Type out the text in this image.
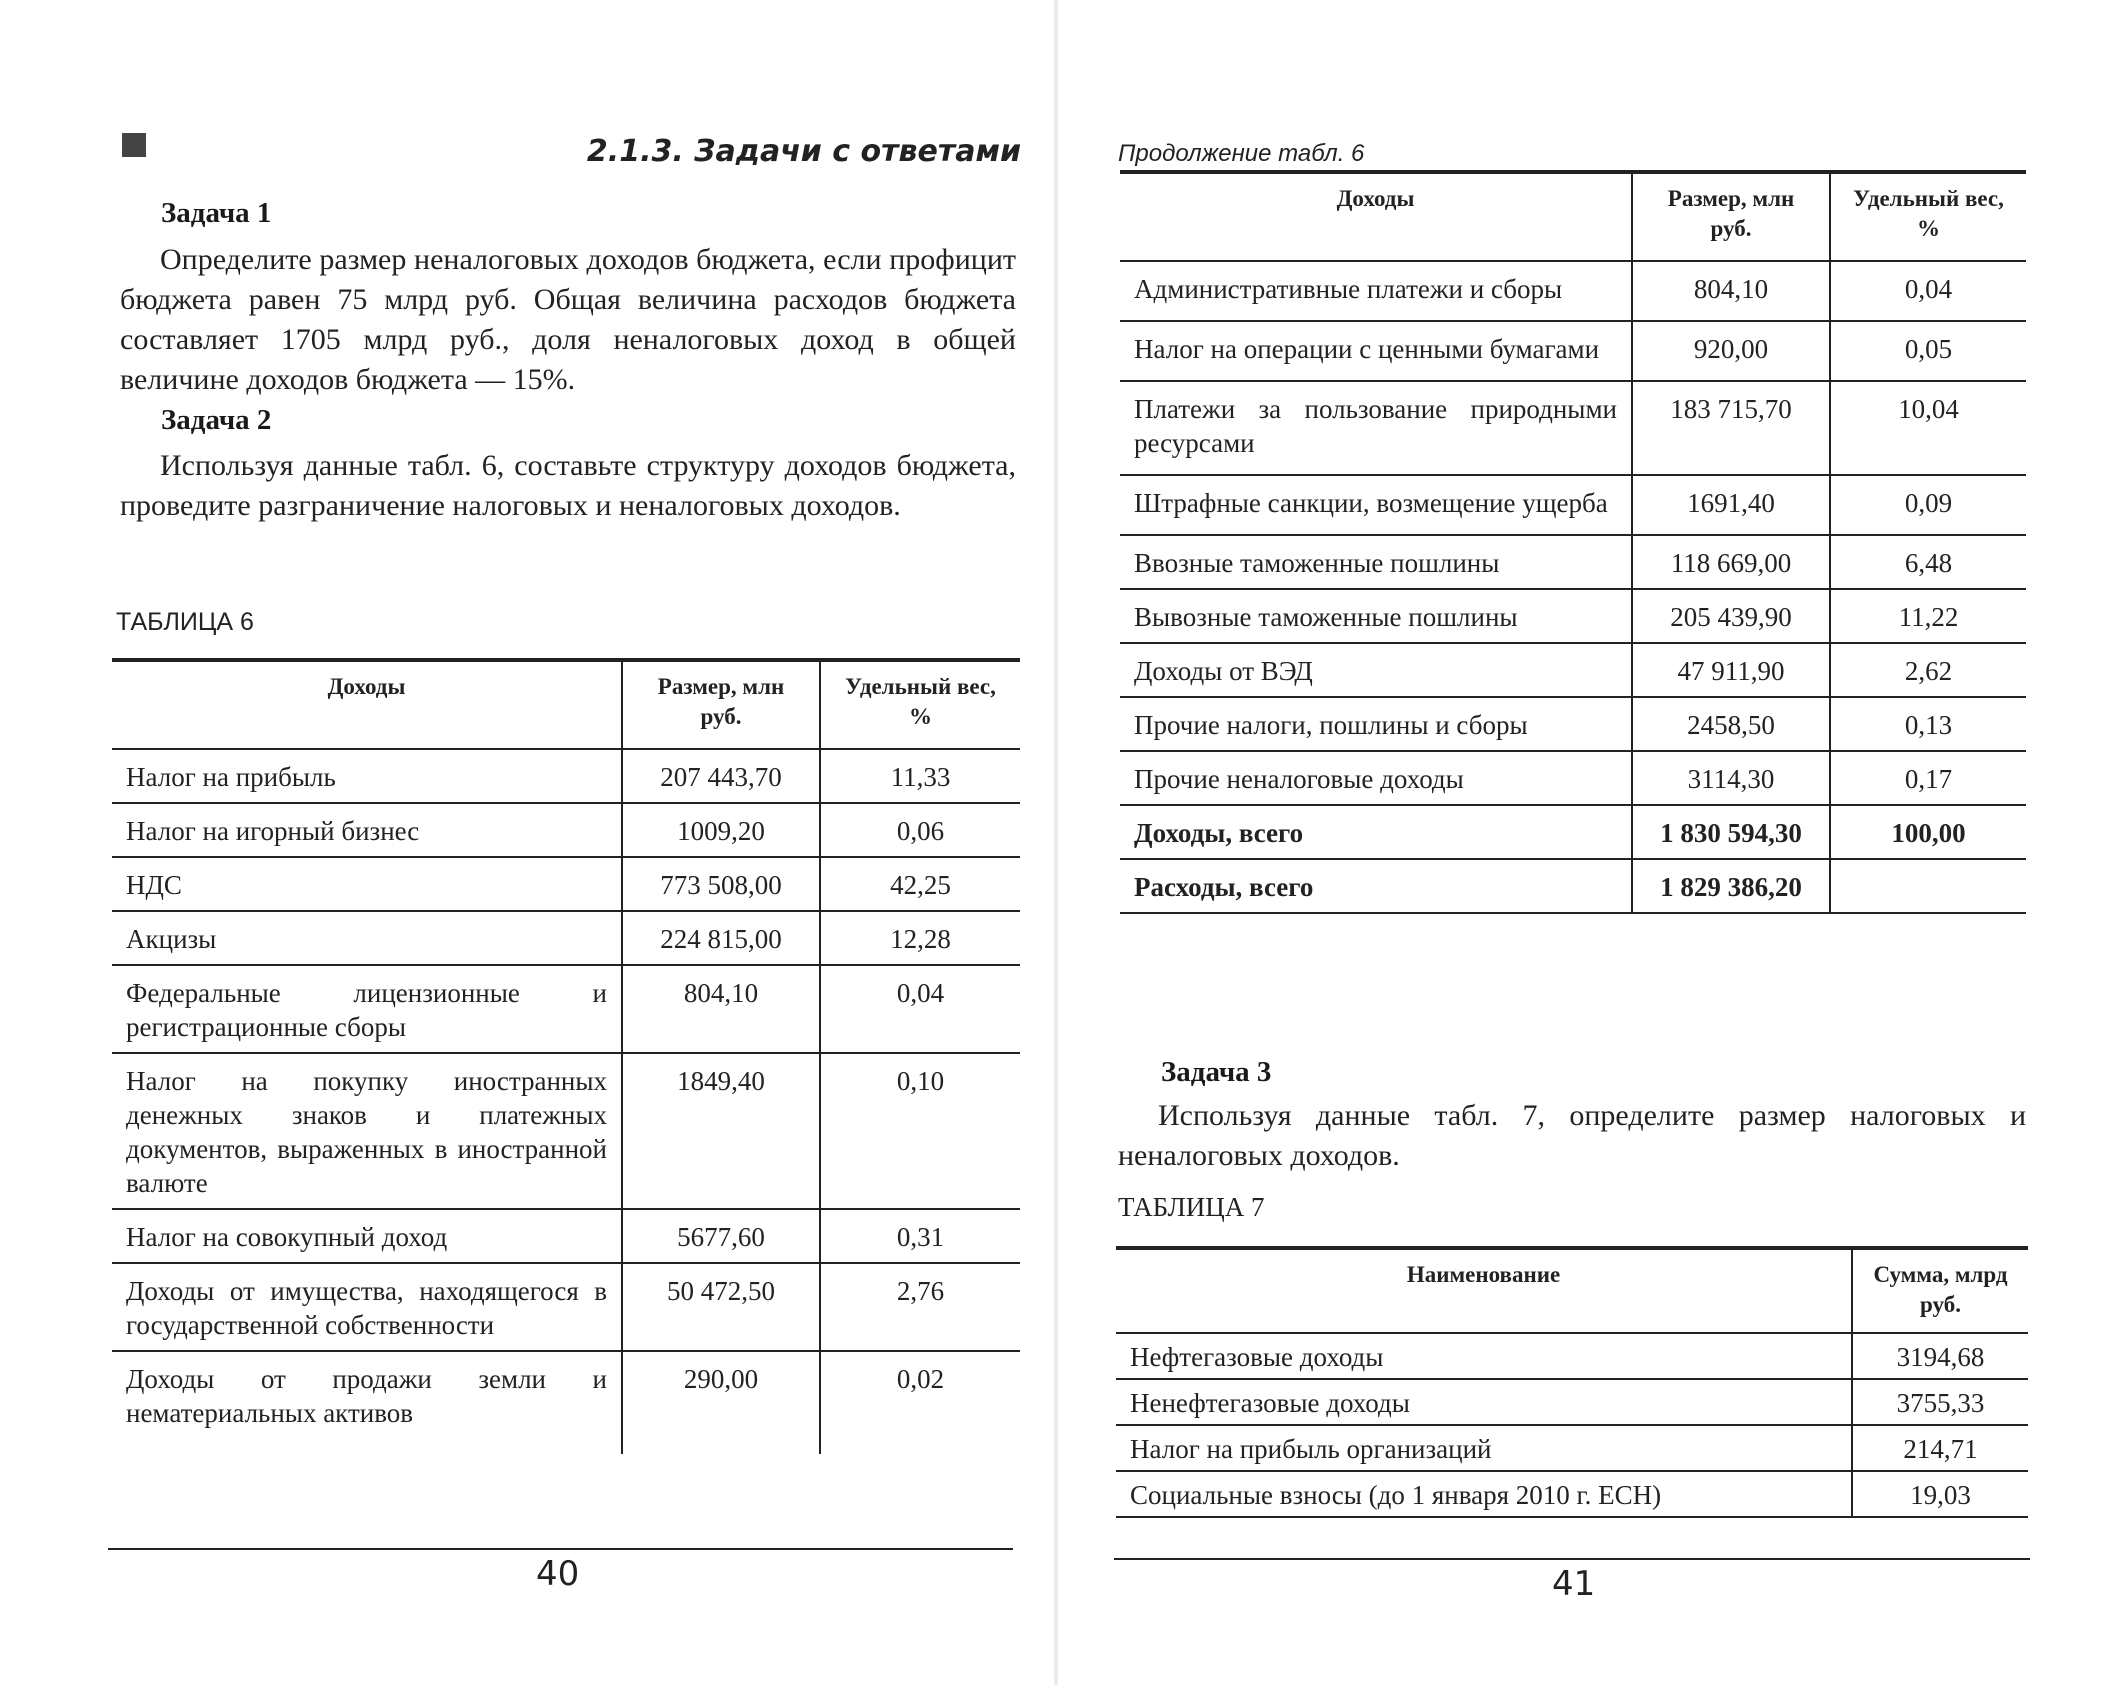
2.1.3. Задачи с ответами
Задача 1
Определите размер неналоговых доходов бюджета, если профицит бюджета равен 75 млрд руб. Общая величина расходов бюджета составляет 1705 млрд руб., доля неналоговых доход в общей величине доходов бюджета — 15%.
Задача 2
Используя данные табл. 6, составьте структуру доходов бюджета, проведите разграничение налоговых и неналоговых доходов.
ТАБЛИЦА 6
Доходы	Размер, млн руб.	Удельный вес, %
Налог на прибыль	207 443,70	11,33
Налог на игорный бизнес	1009,20	0,06
НДС	773 508,00	42,25
Акцизы	224 815,00	12,28
Федеральные лицензионные и регистрационные сборы	804,10	0,04
Налог на покупку иностранных денежных знаков и платежных документов, выраженных в иностранной валюте	1849,40	0,10
Налог на совокупный доход	5677,60	0,31
Доходы от имущества, находящегося в государственной собственности	50 472,50	2,76
Доходы от продажи земли и нематериальных активов	290,00	0,02
40
Продолжение табл. 6
Доходы	Размер, млн руб.	Удельный вес, %
Административные платежи и сборы	804,10	0,04
Налог на операции с ценными бумагами	920,00	0,05
Платежи за пользование природными ресурсами	183 715,70	10,04
Штрафные санкции, возмещение ущерба	1691,40	0,09
Ввозные таможенные пошлины	118 669,00	6,48
Вывозные таможенные пошлины	205 439,90	11,22
Доходы от ВЭД	47 911,90	2,62
Прочие налоги, пошлины и сборы	2458,50	0,13
Прочие неналоговые доходы	3114,30	0,17
Доходы, всего	1 830 594,30	100,00
Расходы, всего	1 829 386,20	
Задача 3
Используя данные табл. 7, определите размер налоговых и неналоговых доходов.
ТАБЛИЦА 7
Наименование	Сумма, млрд руб.
Нефтегазовые доходы	3194,68
Ненефтегазовые доходы	3755,33
Налог на прибыль организаций	214,71
Социальные взносы (до 1 января 2010 г. ЕСН)	19,03
41
